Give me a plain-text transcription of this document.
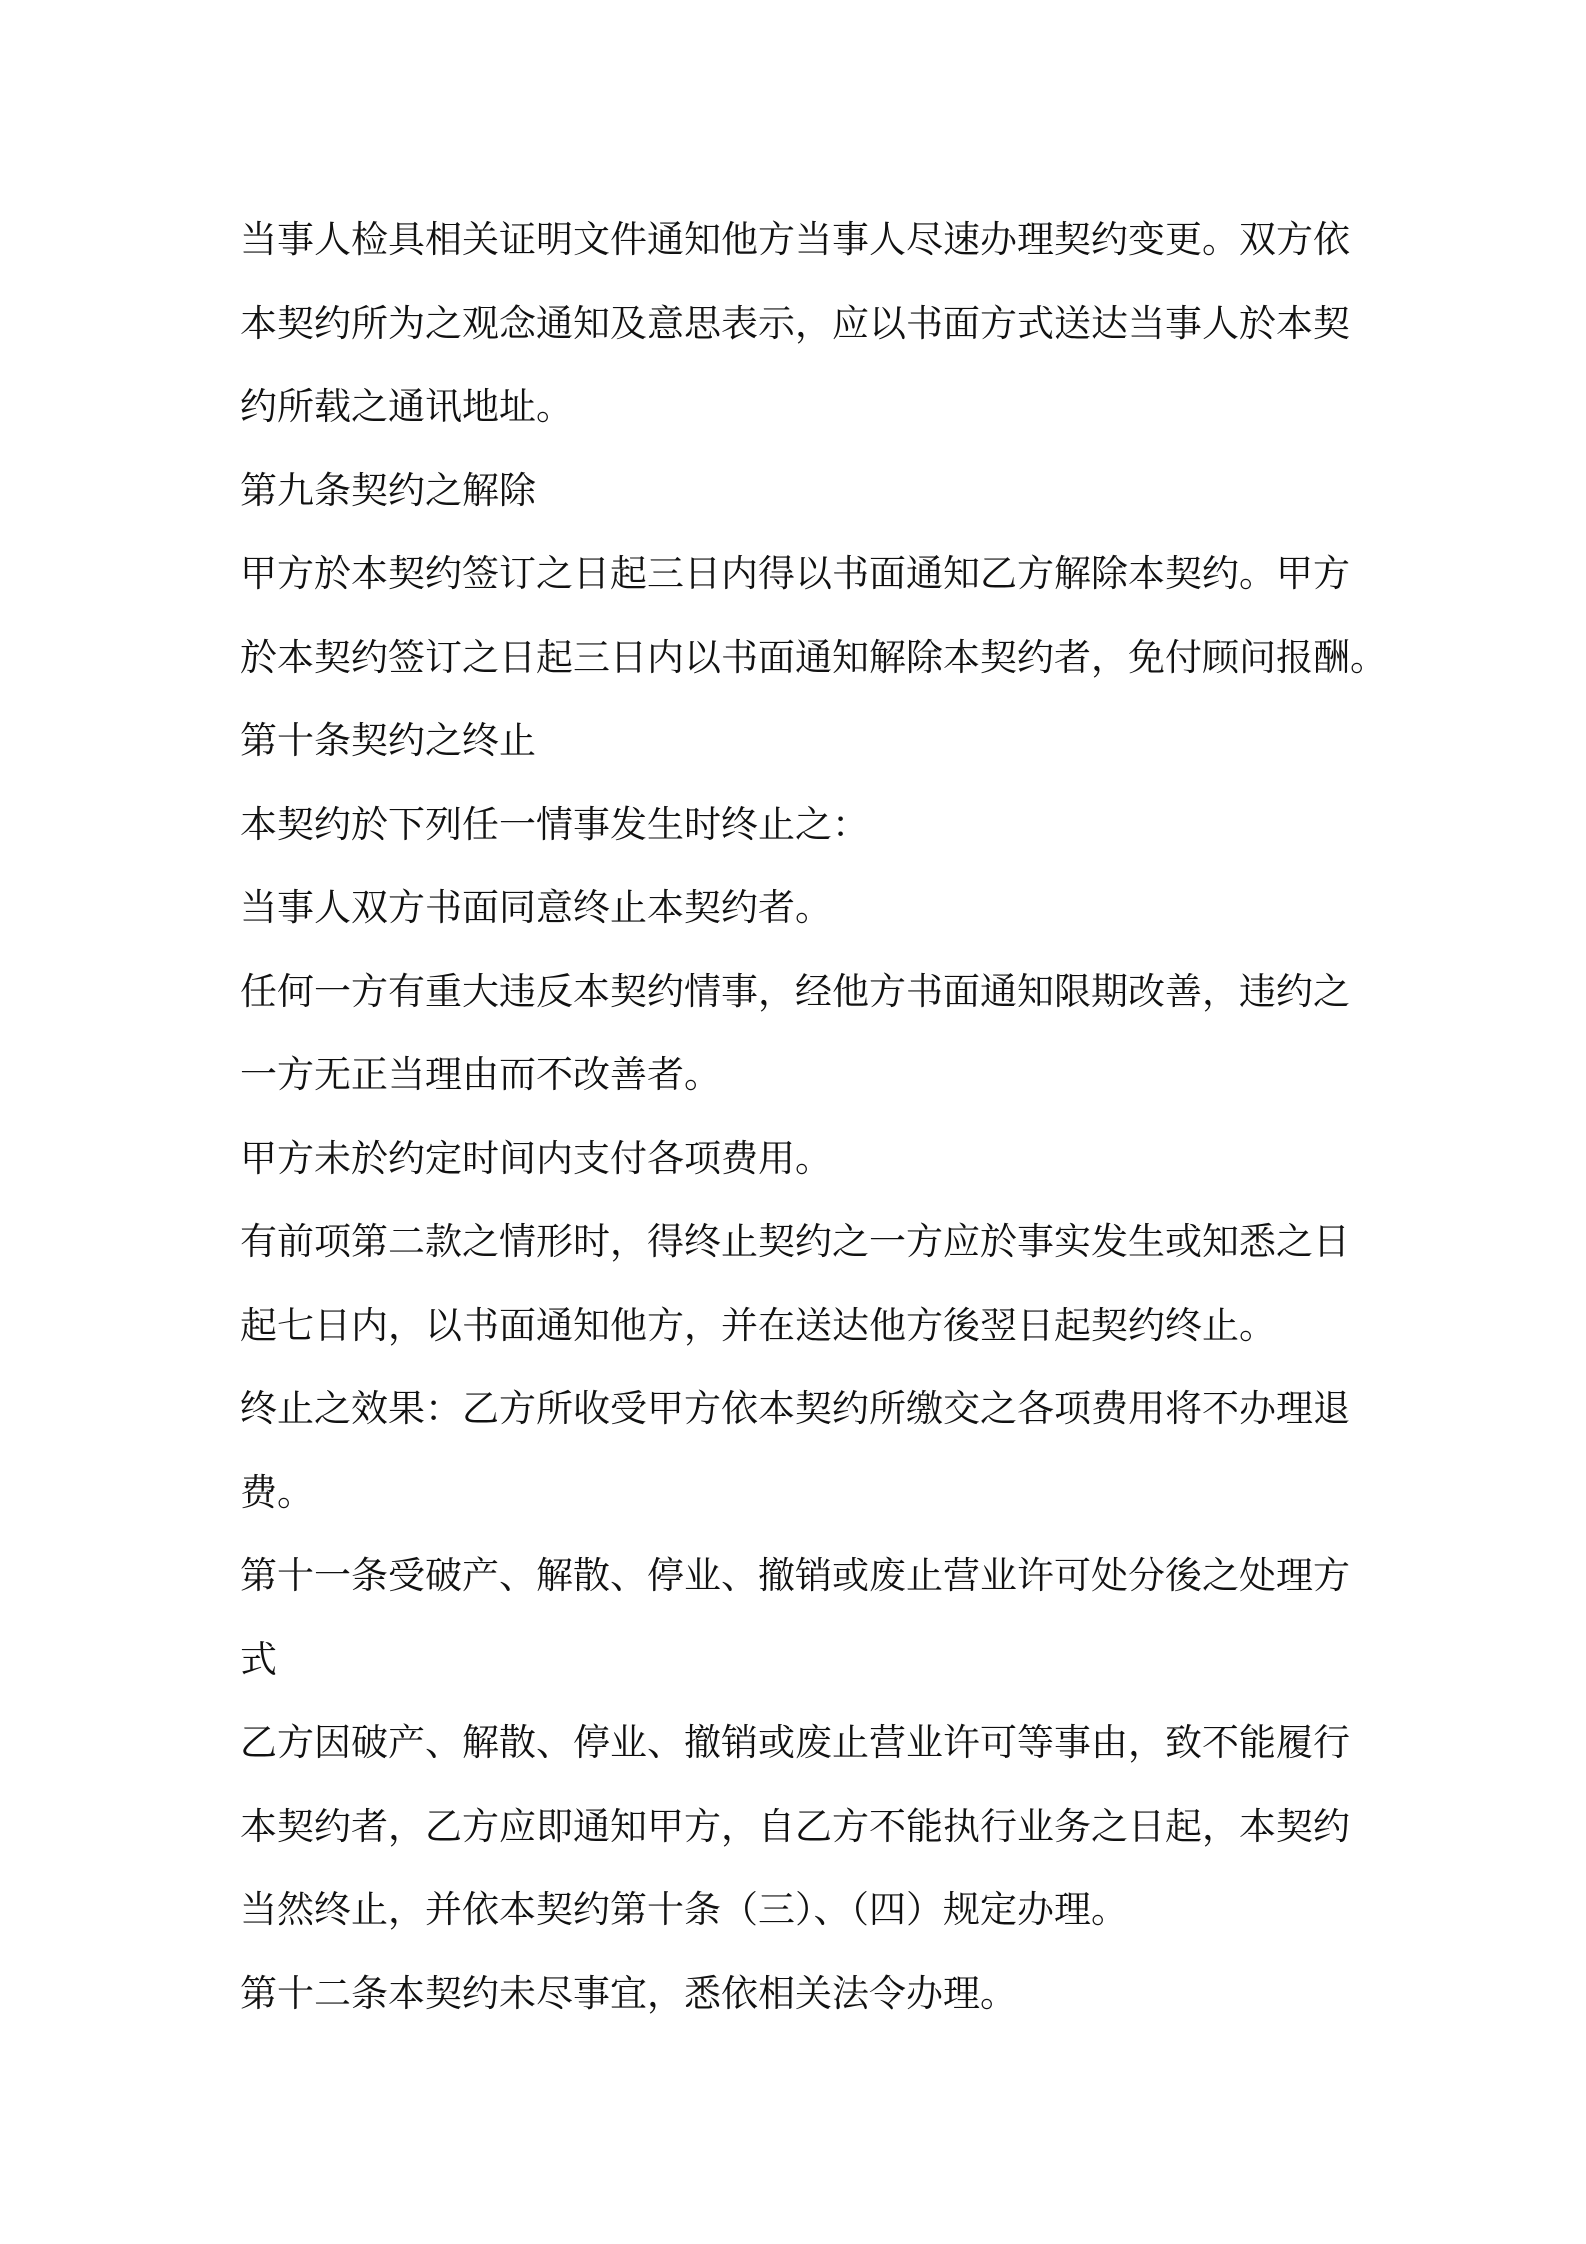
当事人检具相关证明文件通知他方当事人尽速办理契约变更。双方依
本契约所为之观念通知及意思表示，应以书面方式送达当事人於本契
约所载之通讯地址。
第九条契约之解除
甲方於本契约签订之日起三日内得以书面通知乙方解除本契约。甲方
於本契约签订之日起三日内以书面通知解除本契约者，免付顾问报酬。
第十条契约之终止
本契约於下列任一情事发生时终止之：
当事人双方书面同意终止本契约者。
任何一方有重大违反本契约情事，经他方书面通知限期改善，违约之
一方无正当理由而不改善者。
甲方未於约定时间内支付各项费用。
有前项第二款之情形时，得终止契约之一方应於事实发生或知悉之日
起七日内，以书面通知他方，并在送达他方後翌日起契约终止。
终止之效果：乙方所收受甲方依本契约所缴交之各项费用将不办理退
费。
第十一条受破产、解散、停业、撤销或废止营业许可处分後之处理方
式
乙方因破产、解散、停业、撤销或废止营业许可等事由，致不能履行
本契约者，乙方应即通知甲方，自乙方不能执行业务之日起，本契约
当然终止，并依本契约第十条（三）、（四）规定办理。
第十二条本契约未尽事宜，悉依相关法令办理。
